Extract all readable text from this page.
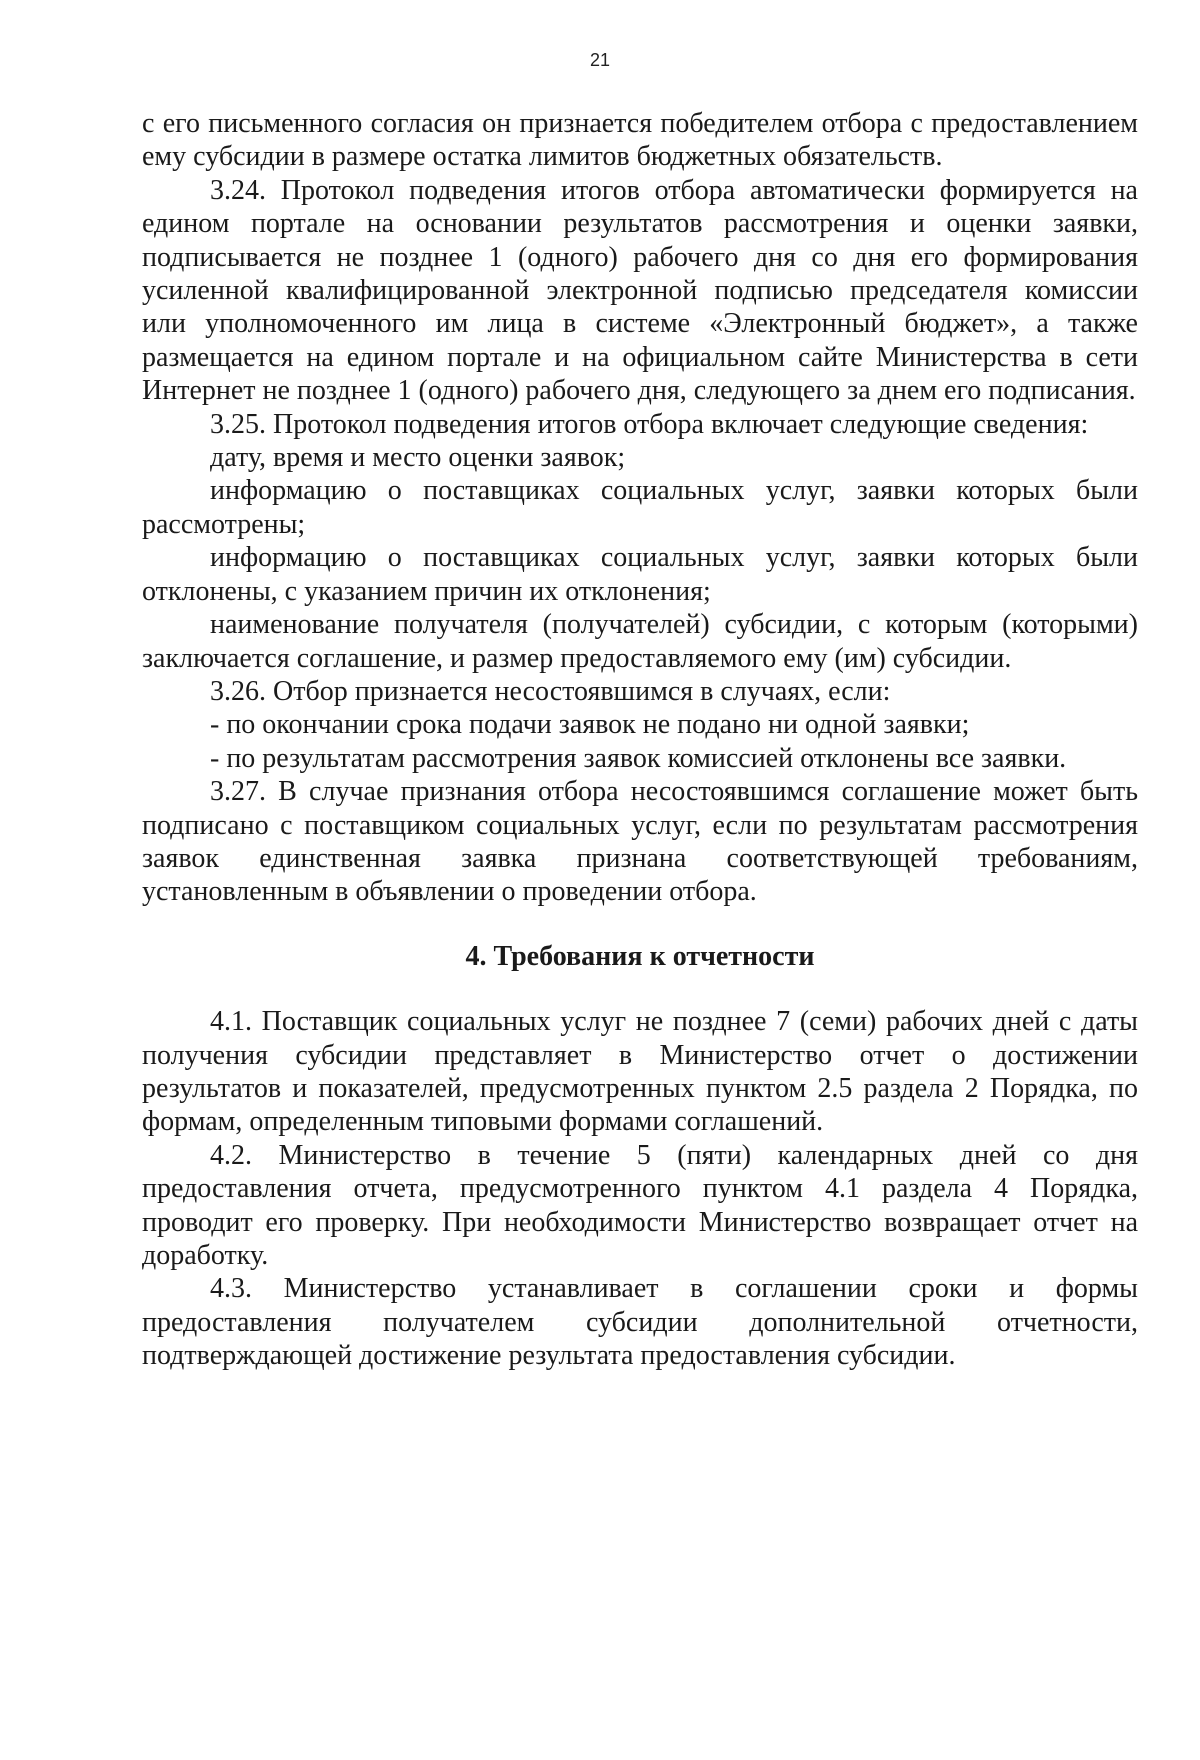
21

с его письменного согласия он признается победителем отбора с предоставлением ему субсидии в размере остатка лимитов бюджетных обязательств.

3.24. Протокол подведения итогов отбора автоматически формируется на едином портале на основании результатов рассмотрения и оценки заявки, подписывается не позднее 1 (одного) рабочего дня со дня его формирования усиленной квалифицированной электронной подписью председателя комиссии или уполномоченного им лица в системе «Электронный бюджет», а также размещается на едином портале и на официальном сайте Министерства в сети Интернет не позднее 1 (одного) рабочего дня, следующего за днем его подписания.

3.25. Протокол подведения итогов отбора включает следующие сведения:

дату, время и место оценки заявок;

информацию о поставщиках социальных услуг, заявки которых были рассмотрены;

информацию о поставщиках социальных услуг, заявки которых были отклонены, с указанием причин их отклонения;

наименование получателя (получателей) субсидии, с которым (которыми) заключается соглашение, и размер предоставляемого ему (им) субсидии.

3.26. Отбор признается несостоявшимся в случаях, если:

- по окончании срока подачи заявок не подано ни одной заявки;

- по результатам рассмотрения заявок комиссией отклонены все заявки.

3.27. В случае признания отбора несостоявшимся соглашение может быть подписано с поставщиком социальных услуг, если по результатам рассмотрения заявок единственная заявка признана соответствующей требованиям, установленным в объявлении о проведении отбора.

4. Требования к отчетности

4.1. Поставщик социальных услуг не позднее 7 (семи) рабочих дней с даты получения субсидии представляет в Министерство отчет о достижении результатов и показателей, предусмотренных пунктом 2.5 раздела 2 Порядка, по формам, определенным типовыми формами соглашений.

4.2. Министерство в течение 5 (пяти) календарных дней со дня предоставления отчета, предусмотренного пунктом 4.1 раздела 4 Порядка, проводит его проверку. При необходимости Министерство возвращает отчет на доработку.

4.3. Министерство устанавливает в соглашении сроки и формы предоставления получателем субсидии дополнительной отчетности, подтверждающей достижение результата предоставления субсидии.
